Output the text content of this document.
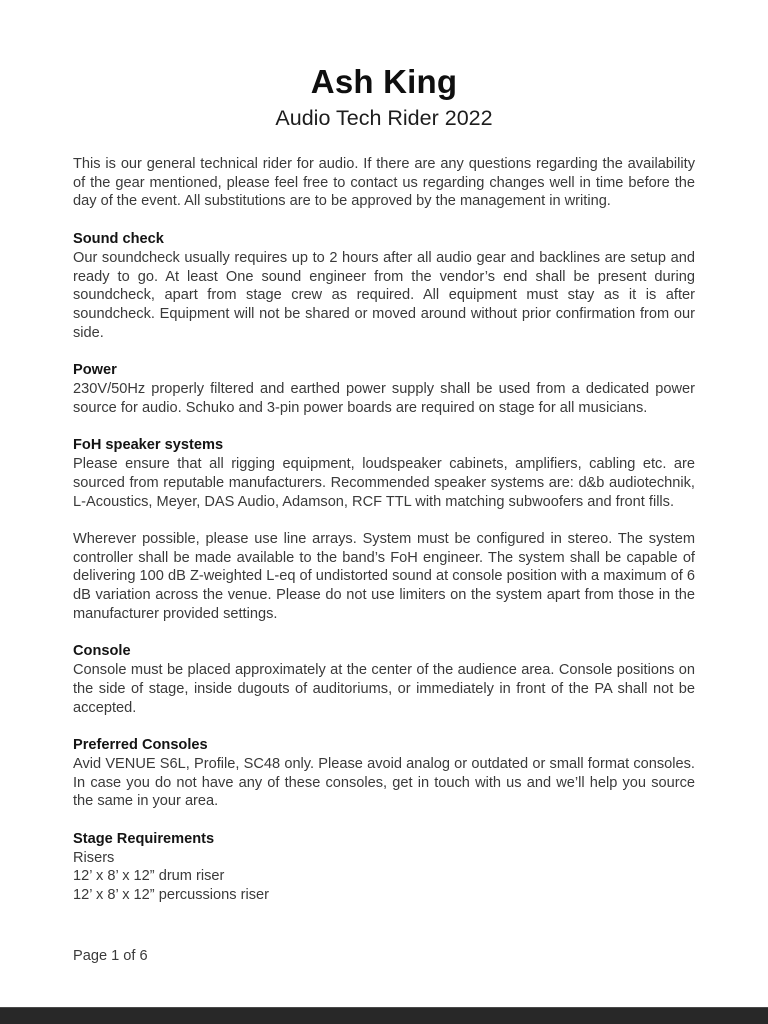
Ash King
Audio Tech Rider 2022

This is our general technical rider for audio. If there are any questions regarding the availability of the gear mentioned, please feel free to contact us regarding changes well in time before the day of the event. All substitutions are to be approved by the management in writing.

Sound check

Our soundcheck usually requires up to 2 hours after all audio gear and backlines are setup and ready to go. At least One sound engineer from the vendor’s end shall be present during soundcheck, apart from stage crew as required. All equipment must stay as it is after soundcheck. Equipment will not be shared or moved around without prior confirmation from our side.

Power

230V/50Hz properly filtered and earthed power supply shall be used from a dedicated power source for audio. Schuko and 3-pin power boards are required on stage for all musicians.

FoH speaker systems

Please ensure that all rigging equipment, loudspeaker cabinets, amplifiers, cabling etc. are sourced from reputable manufacturers. Recommended speaker systems are: d&b audiotechnik, L-Acoustics, Meyer, DAS Audio, Adamson, RCF TTL with matching subwoofers and front fills.

Wherever possible, please use line arrays. System must be configured in stereo. The system controller shall be made available to the band’s FoH engineer. The system shall be capable of delivering 100 dB Z-weighted L-eq of undistorted sound at console position with a maximum of 6 dB variation across the venue. Please do not use limiters on the system apart from those in the manufacturer provided settings.

Console

Console must be placed approximately at the center of the audience area. Console positions on the side of stage, inside dugouts of auditoriums, or immediately in front of the PA shall not be accepted.

Preferred Consoles

Avid VENUE S6L, Profile, SC48 only. Please avoid analog or outdated or small format consoles. In case you do not have any of these consoles, get in touch with us and we’ll help you source the same in your area.

Stage Requirements

Risers

12’ x 8’ x 12” drum riser

12’ x 8’ x 12” percussions riser

Page 1 of 6
